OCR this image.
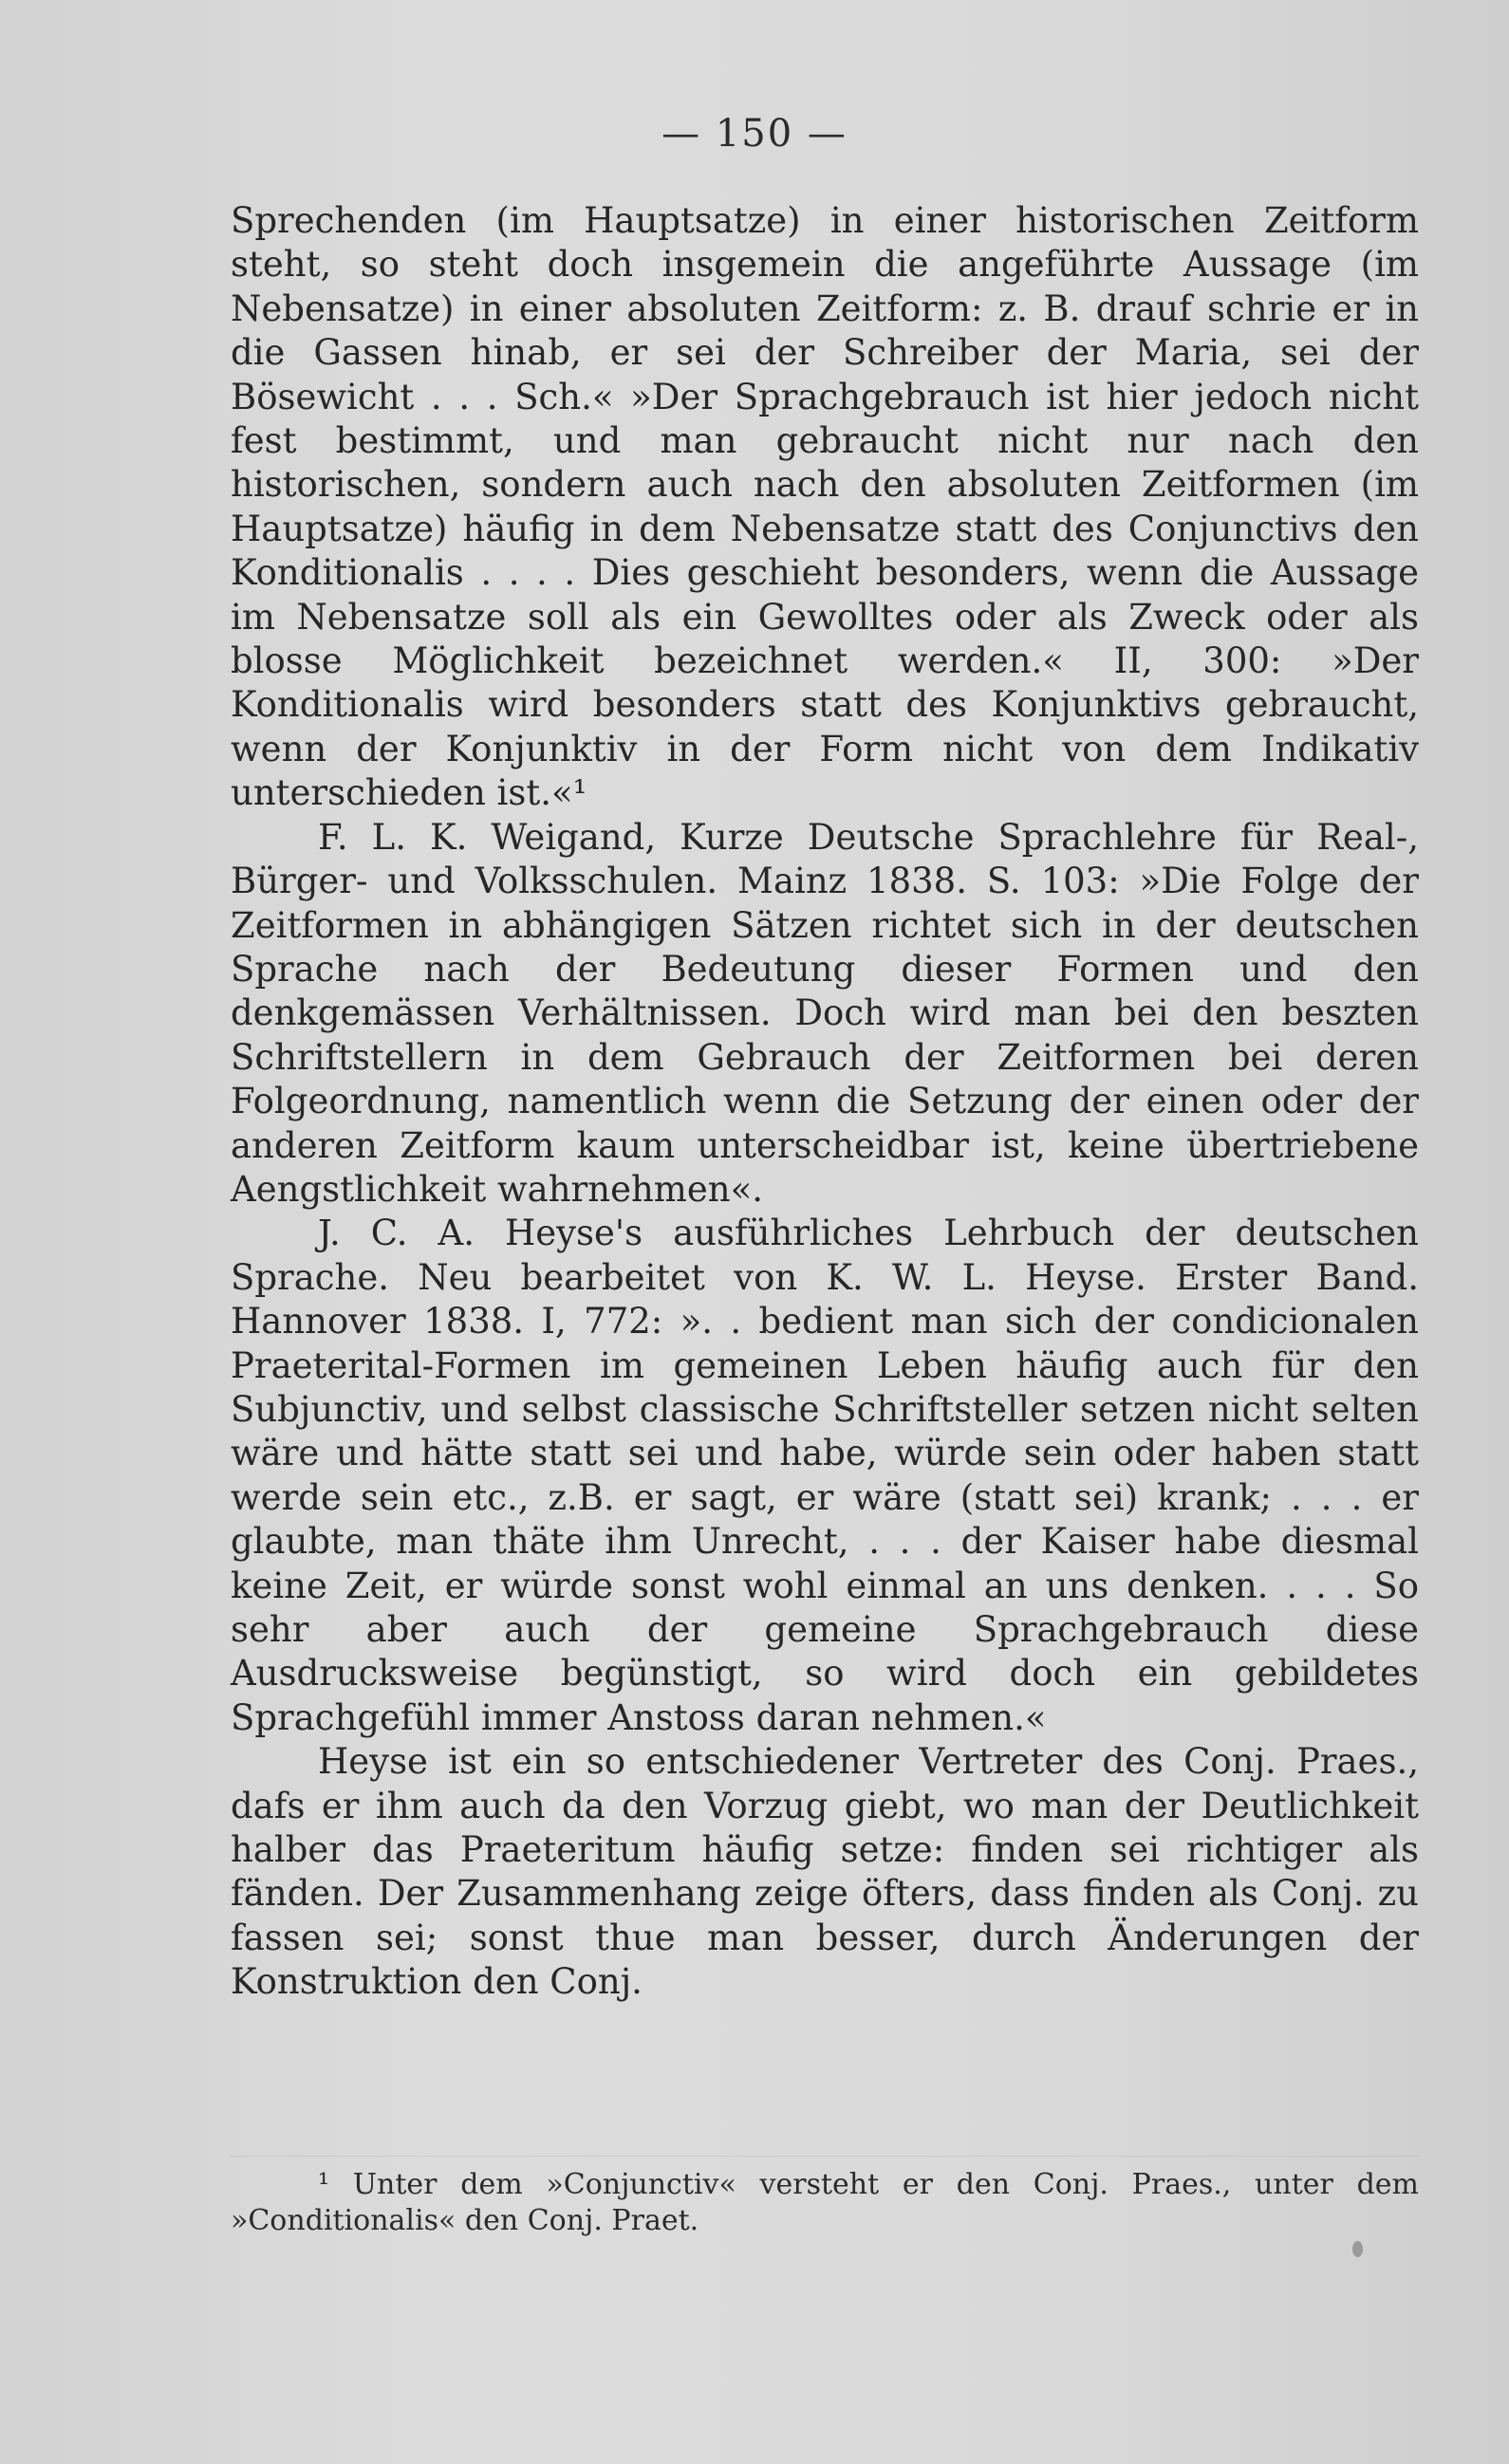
— 150 —

Sprechenden (im Hauptsatze) in einer historischen Zeitform steht, so steht doch insgemein die angeführte Aussage (im Nebensatze) in einer absoluten Zeitform: z. B. drauf schrie er in die Gassen hinab, er sei der Schreiber der Maria, sei der Bösewicht . . . Sch.« »Der Sprachgebrauch ist hier jedoch nicht fest bestimmt, und man gebraucht nicht nur nach den historischen, sondern auch nach den absoluten Zeitformen (im Hauptsatze) häufig in dem Nebensatze statt des Conjunctivs den Konditionalis . . . . Dies geschieht besonders, wenn die Aussage im Nebensatze soll als ein Gewolltes oder als Zweck oder als blosse Möglichkeit bezeichnet werden.« II, 300: »Der Konditionalis wird besonders statt des Konjunktivs gebraucht, wenn der Konjunktiv in der Form nicht von dem Indikativ unterschieden ist.«¹

F. L. K. Weigand, Kurze Deutsche Sprachlehre für Real-, Bürger- und Volksschulen. Mainz 1838. S. 103: »Die Folge der Zeitformen in abhängigen Sätzen richtet sich in der deutschen Sprache nach der Bedeutung dieser Formen und den denkgemässen Verhältnissen. Doch wird man bei den beszten Schriftstellern in dem Gebrauch der Zeitformen bei deren Folgeordnung, namentlich wenn die Setzung der einen oder der anderen Zeitform kaum unterscheidbar ist, keine übertriebene Aengstlichkeit wahrnehmen«.

J. C. A. Heyse's ausführliches Lehrbuch der deutschen Sprache. Neu bearbeitet von K. W. L. Heyse. Erster Band. Hannover 1838. I, 772: ». . bedient man sich der condicionalen Praeterital-Formen im gemeinen Leben häufig auch für den Subjunctiv, und selbst classische Schriftsteller setzen nicht selten wäre und hätte statt sei und habe, würde sein oder haben statt werde sein etc., z.B. er sagt, er wäre (statt sei) krank; . . . er glaubte, man thäte ihm Unrecht, . . . der Kaiser habe diesmal keine Zeit, er würde sonst wohl einmal an uns denken. . . . So sehr aber auch der gemeine Sprachgebrauch diese Ausdrucksweise begünstigt, so wird doch ein gebildetes Sprachgefühl immer Anstoss daran nehmen.«

Heyse ist ein so entschiedener Vertreter des Conj. Praes., dafs er ihm auch da den Vorzug giebt, wo man der Deutlichkeit halber das Praeteritum häufig setze: finden sei richtiger als fänden. Der Zusammenhang zeige öfters, dass finden als Conj. zu fassen sei; sonst thue man besser, durch Änderungen der Konstruktion den Conj.

¹ Unter dem »Conjunctiv« versteht er den Conj. Praes., unter dem »Conditionalis« den Conj. Praet.
